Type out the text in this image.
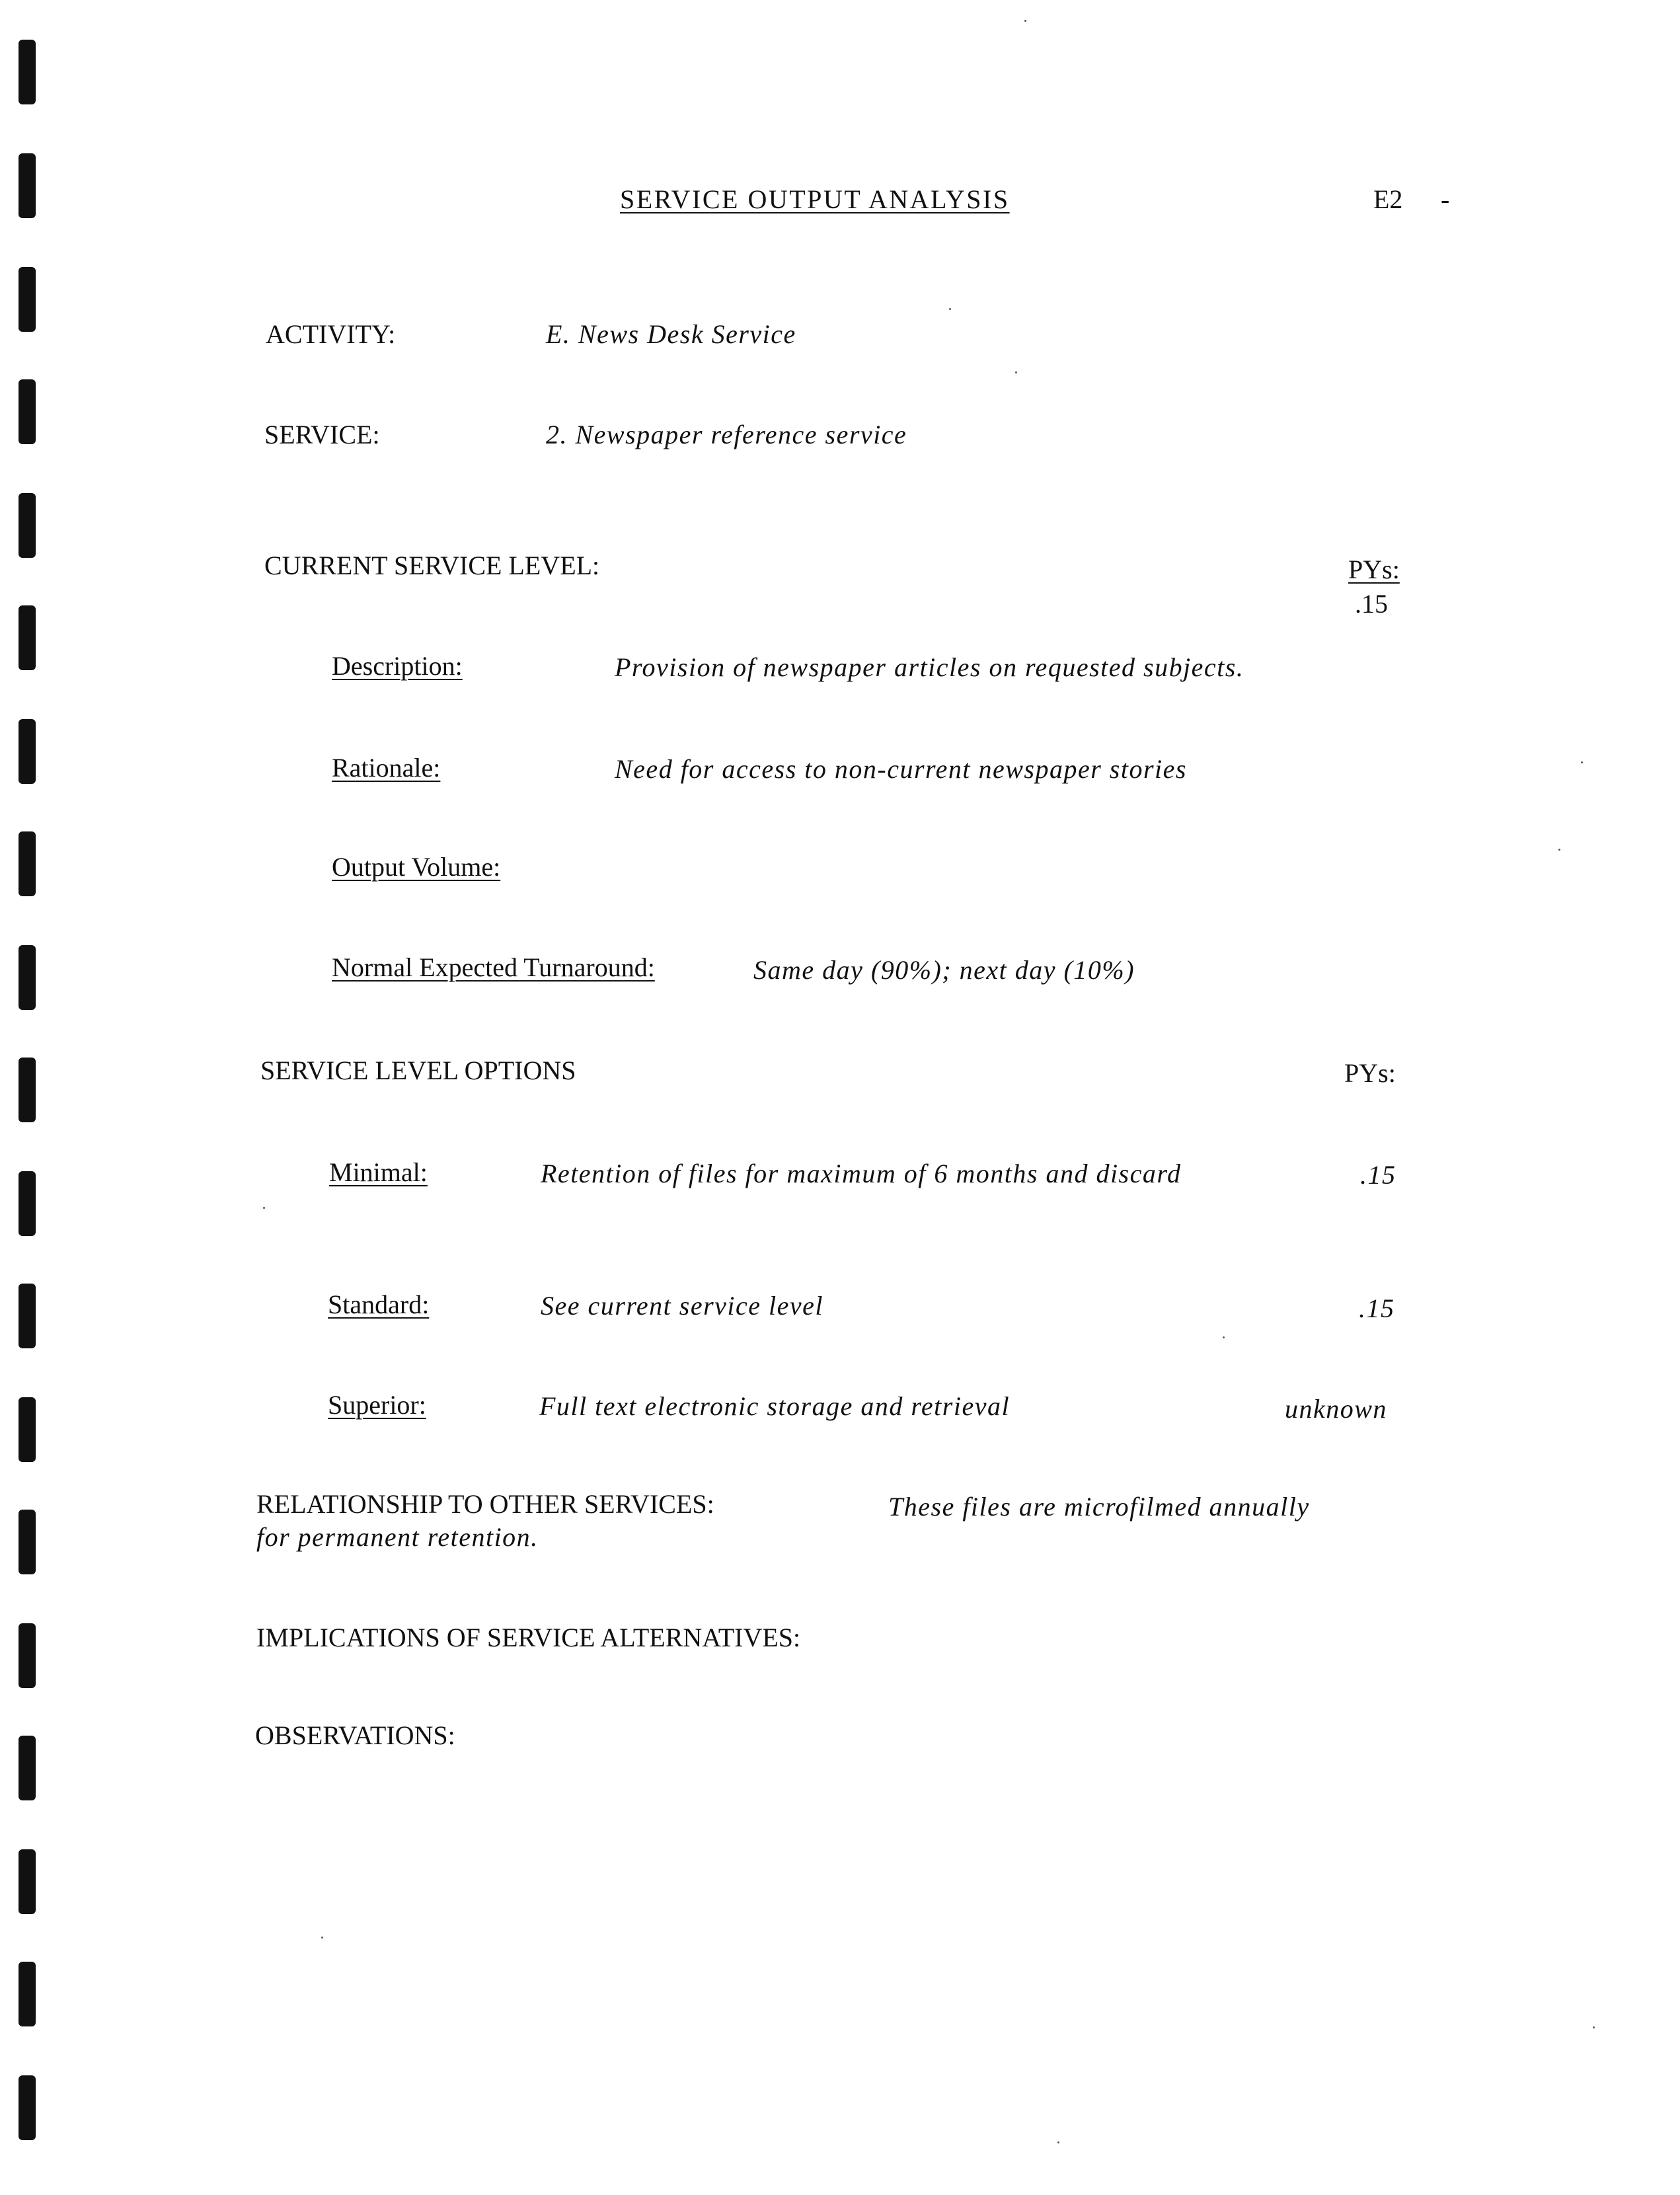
SERVICE OUTPUT ANALYSIS	E2 -
ACTIVITY:	E. News Desk Service
SERVICE:	2. Newspaper reference service
CURRENT SERVICE LEVEL:	PYs:
.15
Description:	Provision of newspaper articles on requested subjects.
Rationale:	Need for access to non-current newspaper stories
Output Volume:
Normal Expected Turnaround:	Same day (90%); next day (10%)
SERVICE LEVEL OPTIONS	PYs:
Minimal:	Retention of files for maximum of 6 months and discard	.15
Standard:	See current service level	.15
Superior:	Full text electronic storage and retrieval	unknown
RELATIONSHIP TO OTHER SERVICES:	These files are microfilmed annually
for permanent retention.
IMPLICATIONS OF SERVICE ALTERNATIVES:
OBSERVATIONS:
